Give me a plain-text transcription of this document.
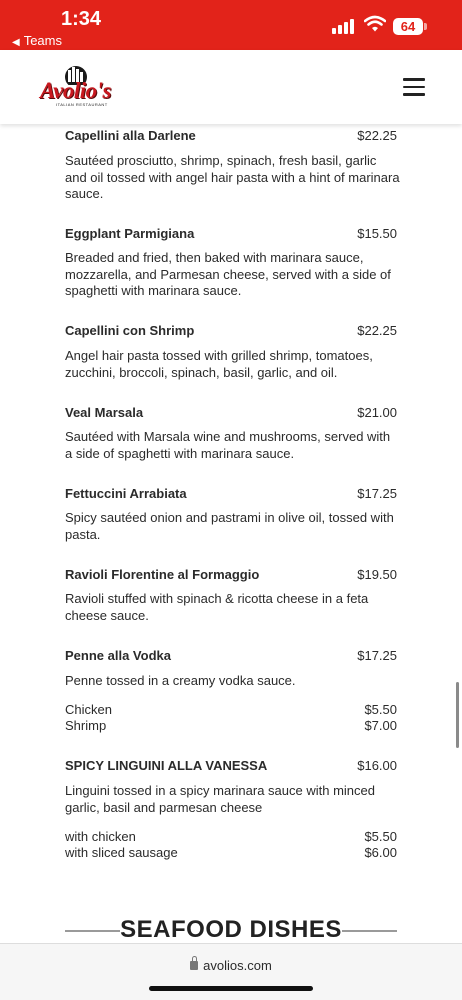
1:34
◀ Teams
64
Avolio's
ITALIAN RESTAURANT
Capellini alla Darlene	$22.25
Sautéed prosciutto, shrimp, spinach, fresh basil, garlic and oil tossed with angel hair pasta with a hint of marinara sauce.
Eggplant Parmigiana	$15.50
Breaded and fried, then baked with marinara sauce, mozzarella, and Parmesan cheese, served with a side of spaghetti with marinara sauce.
Capellini con Shrimp	$22.25
Angel hair pasta tossed with grilled shrimp, tomatoes, zucchini, broccoli, spinach, basil, garlic, and oil.
Veal Marsala	$21.00
Sautéed with Marsala wine and mushrooms, served with a side of spaghetti with marinara sauce.
Fettuccini Arrabiata	$17.25
Spicy sautéed onion and pastrami in olive oil, tossed with pasta.
Ravioli Florentine al Formaggio	$19.50
Ravioli stuffed with spinach & ricotta cheese in a feta cheese sauce.
Penne alla Vodka	$17.25
Penne tossed in a creamy vodka sauce.
Chicken	$5.50
Shrimp	$7.00
SPICY LINGUINI ALLA VANESSA	$16.00
Linguini tossed in a spicy marinara sauce with minced garlic, basil and parmesan cheese
with chicken	$5.50
with sliced sausage	$6.00
SEAFOOD DISHES
avolios.com
